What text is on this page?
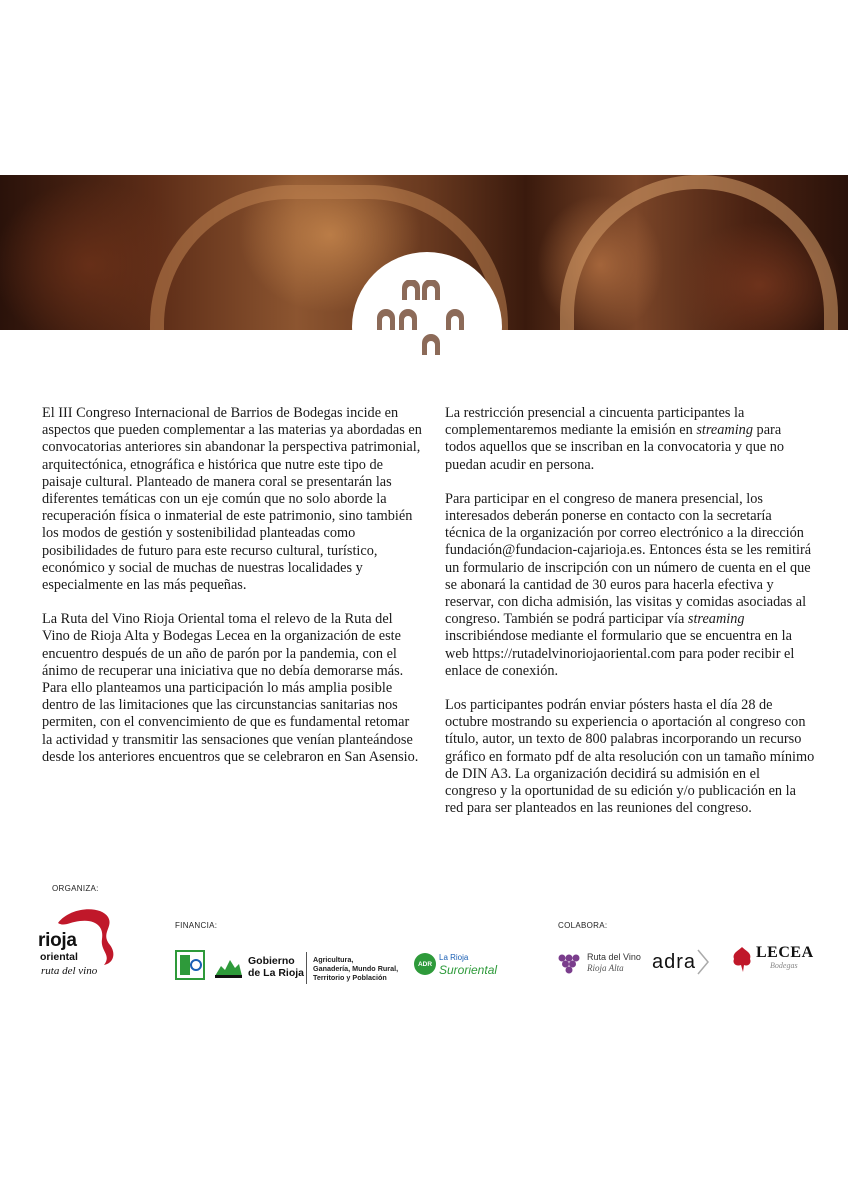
El III Congreso Internacional de Barrios de Bodegas incide en aspectos que pueden complementar a las materias ya abordadas en convocatorias anteriores sin abandonar la perspectiva patrimonial, arquitectónica, etnográfica e histórica que nutre este tipo de paisaje cultural. Planteado de manera coral se presentarán las diferentes temáticas con un eje común que no solo aborde la recuperación física o inmaterial de este patrimonio, sino también los modos de gestión y sostenibilidad planteadas como posibilidades de futuro para este recurso cultural, turístico, económico y social de muchas de nuestras localidades y especialmente en las más pequeñas.

La Ruta del Vino Rioja Oriental toma el relevo de la Ruta del Vino de Rioja Alta y Bodegas Lecea en la organización de este encuentro después de un año de parón por la pandemia, con el ánimo de recuperar una iniciativa que no debía demorarse más. Para ello planteamos una participación lo más amplia posible dentro de las limitaciones que las circunstancias sanitarias nos permiten, con el convencimiento de que es fundamental retomar la actividad y transmitir las sensaciones que venían planteándose desde los anteriores encuentros que se celebraron en San Asensio.

La restricción presencial a cincuenta participantes la complementaremos mediante la emisión en streaming para todos aquellos que se inscriban en la convocatoria y que no puedan acudir en persona.

Para participar en el congreso de manera presencial, los interesados deberán ponerse en contacto con la secretaría técnica de la organización por correo electrónico a la dirección fundación@fundacion-cajarioja.es. Entonces ésta se les remitirá un formulario de inscripción con un número de cuenta en el que se abonará la cantidad de 30 euros para hacerla efectiva y reservar, con dicha admisión, las visitas y comidas asociadas al congreso. También se podrá participar vía streaming inscribiéndose mediante el formulario que se encuentra en la web https://rutadelvinoriojaoriental.com para poder recibir el enlace de conexión.

Los participantes podrán enviar pósters hasta el día 28 de octubre mostrando su experiencia o aportación al congreso con título, autor, un texto de 800 palabras incorporando un recurso gráfico en formato pdf de alta resolución con un tamaño mínimo de DIN A3. La organización decidirá su admisión en el congreso y la oportunidad de su edición y/o publicación en la red para ser planteados en las reuniones del congreso.

ORGANIZA:
FINANCIA:	COLABORA:
rioja
oriental
ruta del vino
Gobierno
de La Rioja
Agricultura,
Ganadería, Mundo Rural,
Territorio y Población
ADR
La Rioja
Suroriental
Ruta del Vino
Rioja Alta	adra	LECEA
Bodegas
